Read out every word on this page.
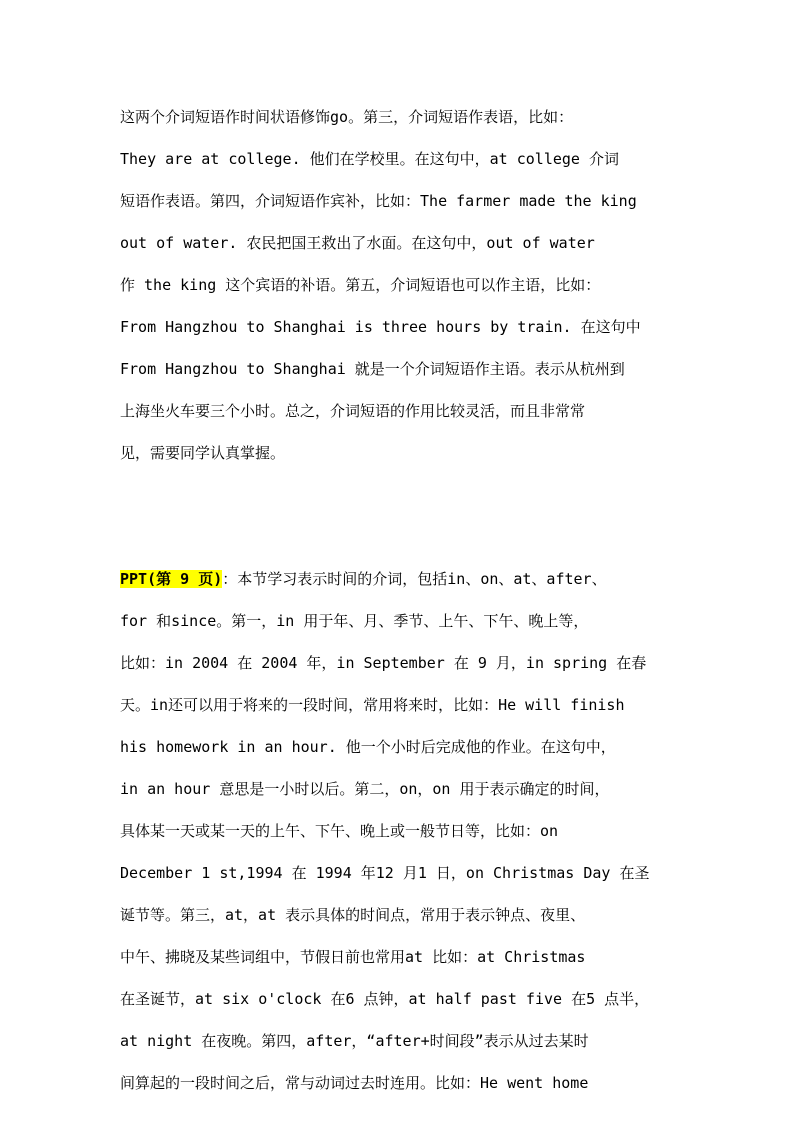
这两个介词短语作时间状语修饰go。第三，介词短语作表语，比如：
They are at college. 他们在学校里。在这句中，at college 介词
短语作表语。第四，介词短语作宾补，比如：The farmer made the king
out of water. 农民把国王救出了水面。在这句中，out of water
作 the king 这个宾语的补语。第五，介词短语也可以作主语，比如：
From Hangzhou to Shanghai is three hours by train. 在这句中
From Hangzhou to Shanghai 就是一个介词短语作主语。表示从杭州到
上海坐火车要三个小时。总之，介词短语的作用比较灵活，而且非常常
见，需要同学认真掌握。
PPT(第 9 页)：本节学习表示时间的介词，包括in、on、at、after、
for 和since。第一，in 用于年、月、季节、上午、下午、晚上等，
比如：in 2004 在 2004 年，in September 在 9 月，in spring 在春
天。in还可以用于将来的一段时间，常用将来时，比如：He will finish
his homework in an hour. 他一个小时后完成他的作业。在这句中，
in an hour 意思是一小时以后。第二，on，on 用于表示确定的时间，
具体某一天或某一天的上午、下午、晚上或一般节日等，比如：on
December 1 st,1994 在 1994 年12 月1 日，on Christmas Day 在圣
诞节等。第三，at，at 表示具体的时间点，常用于表示钟点、夜里、
中午、拂晓及某些词组中，节假日前也常用at 比如：at Christmas
在圣诞节，at six o'clock 在6 点钟，at half past five 在5 点半，
at night 在夜晚。第四，after，“after+时间段”表示从过去某时
间算起的一段时间之后，常与动词过去时连用。比如：He went home
